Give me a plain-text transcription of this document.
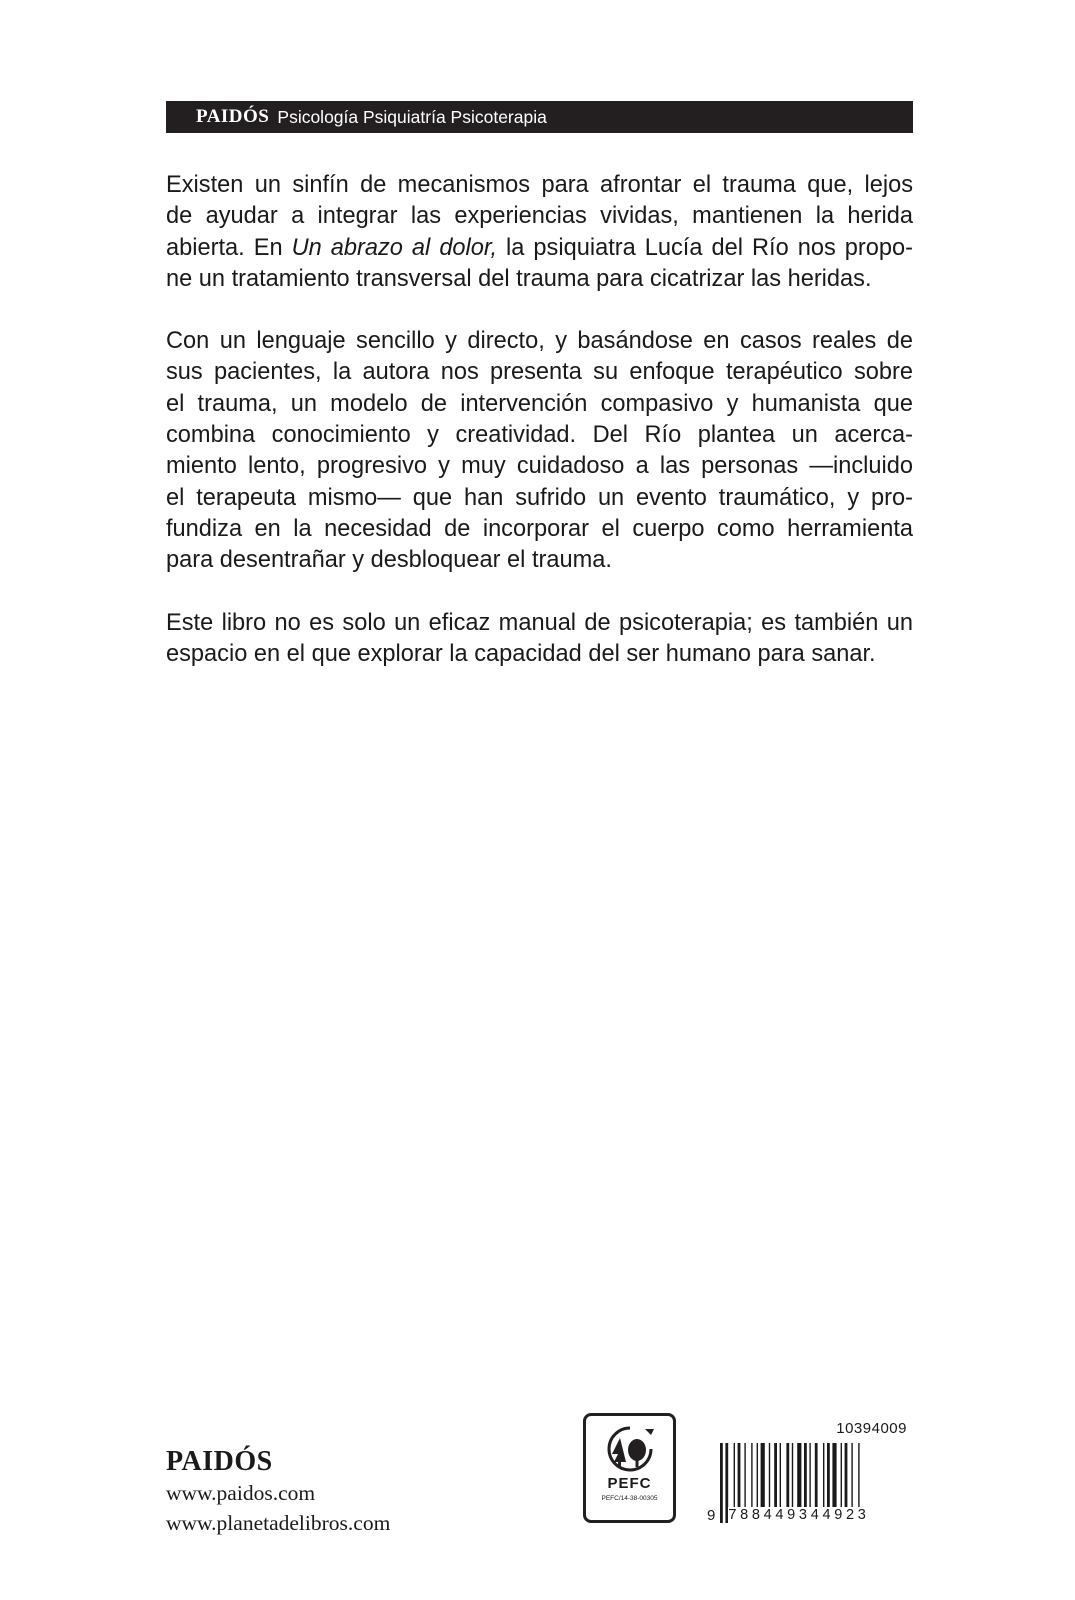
PAIDÓS Psicología Psiquiatría Psicoterapia
Existen un sinfín de mecanismos para afrontar el trauma que, lejos
de ayudar a integrar las experiencias vividas, mantienen la herida
abierta. En Un abrazo al dolor, la psiquiatra Lucía del Río nos propo-
ne un tratamiento transversal del trauma para cicatrizar las heridas.
Con un lenguaje sencillo y directo, y basándose en casos reales de
sus pacientes, la autora nos presenta su enfoque terapéutico sobre
el trauma, un modelo de intervención compasivo y humanista que
combina conocimiento y creatividad. Del Río plantea un acerca-
miento lento, progresivo y muy cuidadoso a las personas —incluido
el terapeuta mismo— que han sufrido un evento traumático, y pro-
fundiza en la necesidad de incorporar el cuerpo como herramienta
para desentrañar y desbloquear el trauma.
Este libro no es solo un eficaz manual de psicoterapia; es también un
espacio en el que explorar la capacidad del ser humano para sanar.
PAIDÓS
www.paidos.com
www.planetadelibros.com
PEFC
PEFC/14-38-00305
10394009
9 788449344923
